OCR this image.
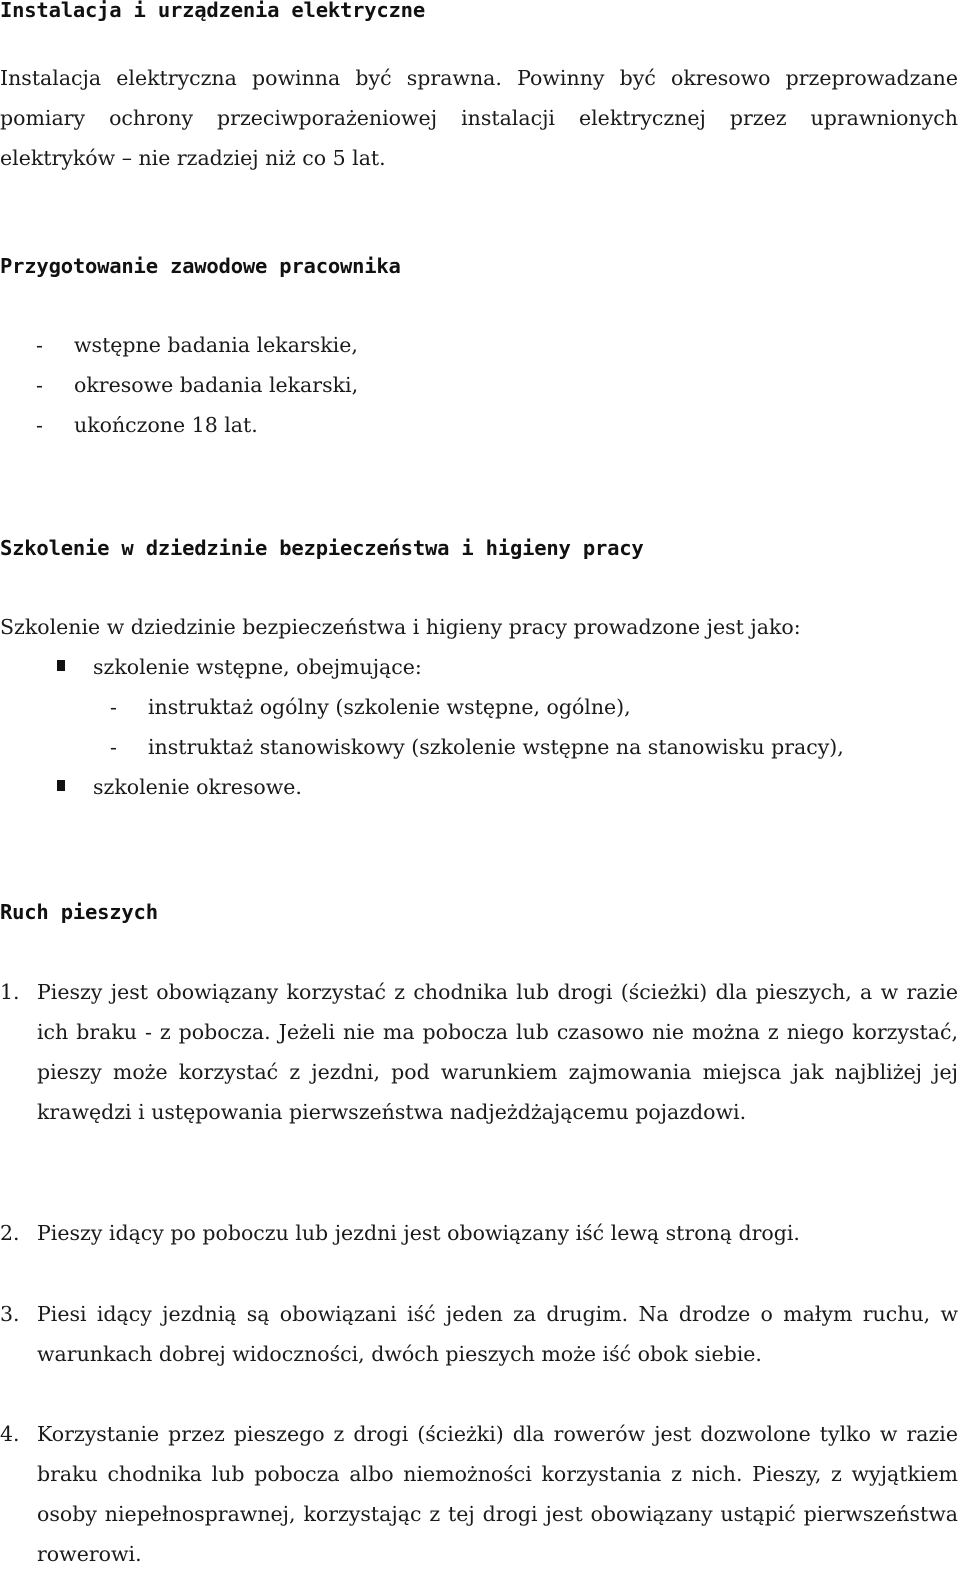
Instalacja i urządzenia elektryczne

Instalacja elektryczna powinna być sprawna. Powinny być okresowo przeprowadzane pomiary ochrony przeciwporażeniowej instalacji elektrycznej przez uprawnionych elektryków – nie rzadziej niż co 5 lat.

Przygotowanie zawodowe pracownika
- wstępne badania lekarskie,
- okresowe badania lekarski,
- ukończone 18 lat.
Szkolenie w dziedzinie bezpieczeństwa i higieny pracy

Szkolenie w dziedzinie bezpieczeństwa i higieny pracy prowadzone jest jako:

szkolenie wstępne, obejmujące:
- instruktaż ogólny (szkolenie wstępne, ogólne),
- instruktaż stanowiskowy (szkolenie wstępne na stanowisku pracy),
szkolenie okresowe.
Ruch pieszych
1. Pieszy jest obowiązany korzystać z chodnika lub drogi (ścieżki) dla pieszych, a w razie ich braku - z pobocza. Jeżeli nie ma pobocza lub czasowo nie można z niego korzystać, pieszy może korzystać z jezdni, pod warunkiem zajmowania miejsca jak najbliżej jej krawędzi i ustępowania pierwszeństwa nadjeżdżającemu pojazdowi.
2. Pieszy idący po poboczu lub jezdni jest obowiązany iść lewą stroną drogi.
3. Piesi idący jezdnią są obowiązani iść jeden za drugim. Na drodze o małym ruchu, w warunkach dobrej widoczności, dwóch pieszych może iść obok siebie.
4. Korzystanie przez pieszego z drogi (ścieżki) dla rowerów jest dozwolone tylko w razie braku chodnika lub pobocza albo niemożności korzystania z nich. Pieszy, z wyjątkiem osoby niepełnosprawnej, korzystając z tej drogi jest obowiązany ustąpić pierwszeństwa rowerowi.
